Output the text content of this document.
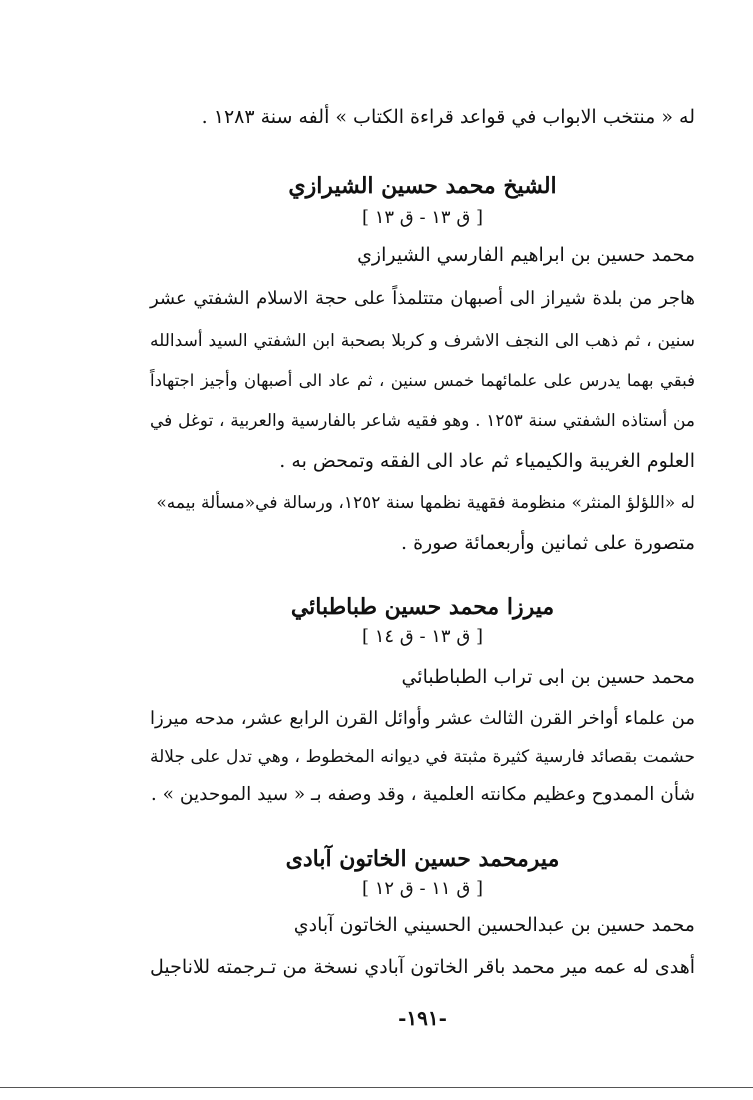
له « منتخب الابواب في قواعد قراءة الكتاب » ألفه سنة ١٢٨٣ .
الشيخ محمد حسين الشيرازي
[ ق ١٣ - ق ١٣ ]
محمد حسين بن ابراهيم الفارسي الشيرازي
هاجر من بلدة شيراز الى أصبهان متتلمذاً على حجة الاسلام الشفتي عشر
سنين ، ثم ذهب الى النجف الاشرف و كربلا بصحبة ابن الشفتي السيد أسدالله
فبقي بهما يدرس على علمائهما خمس سنين ، ثم عاد الى أصبهان وأجيز اجتهاداً
من أستاذه الشفتي سنة ١٢٥٣ . وهو فقيه شاعر بالفارسية والعربية ، توغل في
العلوم الغريبة والكيمياء ثم عاد الى الفقه وتمحض به .
له «اللؤلؤ المنثر» منظومة فقهية نظمها سنة ١٢٥٢، ورسالة في«مسألة بيمه»
متصورة على ثمانين وأربعمائة صورة .
ميرزا محمد حسين طباطبائي
[ ق ١٣ - ق ١٤ ]
محمد حسين بن ابى تراب الطباطبائي
من علماء أواخر القرن الثالث عشر وأوائل القرن الرابع عشر، مدحه ميرزا
حشمت بقصائد فارسية كثيرة مثبتة في ديوانه المخطوط ، وهي تدل على جلالة
شأن الممدوح وعظيم مكانته العلمية ، وقد وصفه بـ « سيد الموحدين » .
ميرمحمد حسين الخاتون آبادى
[ ق ١١ - ق ١٢ ]
محمد حسين بن عبدالحسين الحسيني الخاتون آبادي
أهدى له عمه مير محمد باقر الخاتون آبادي نسخة من تـرجمته للاناجيل
-١٩١-
